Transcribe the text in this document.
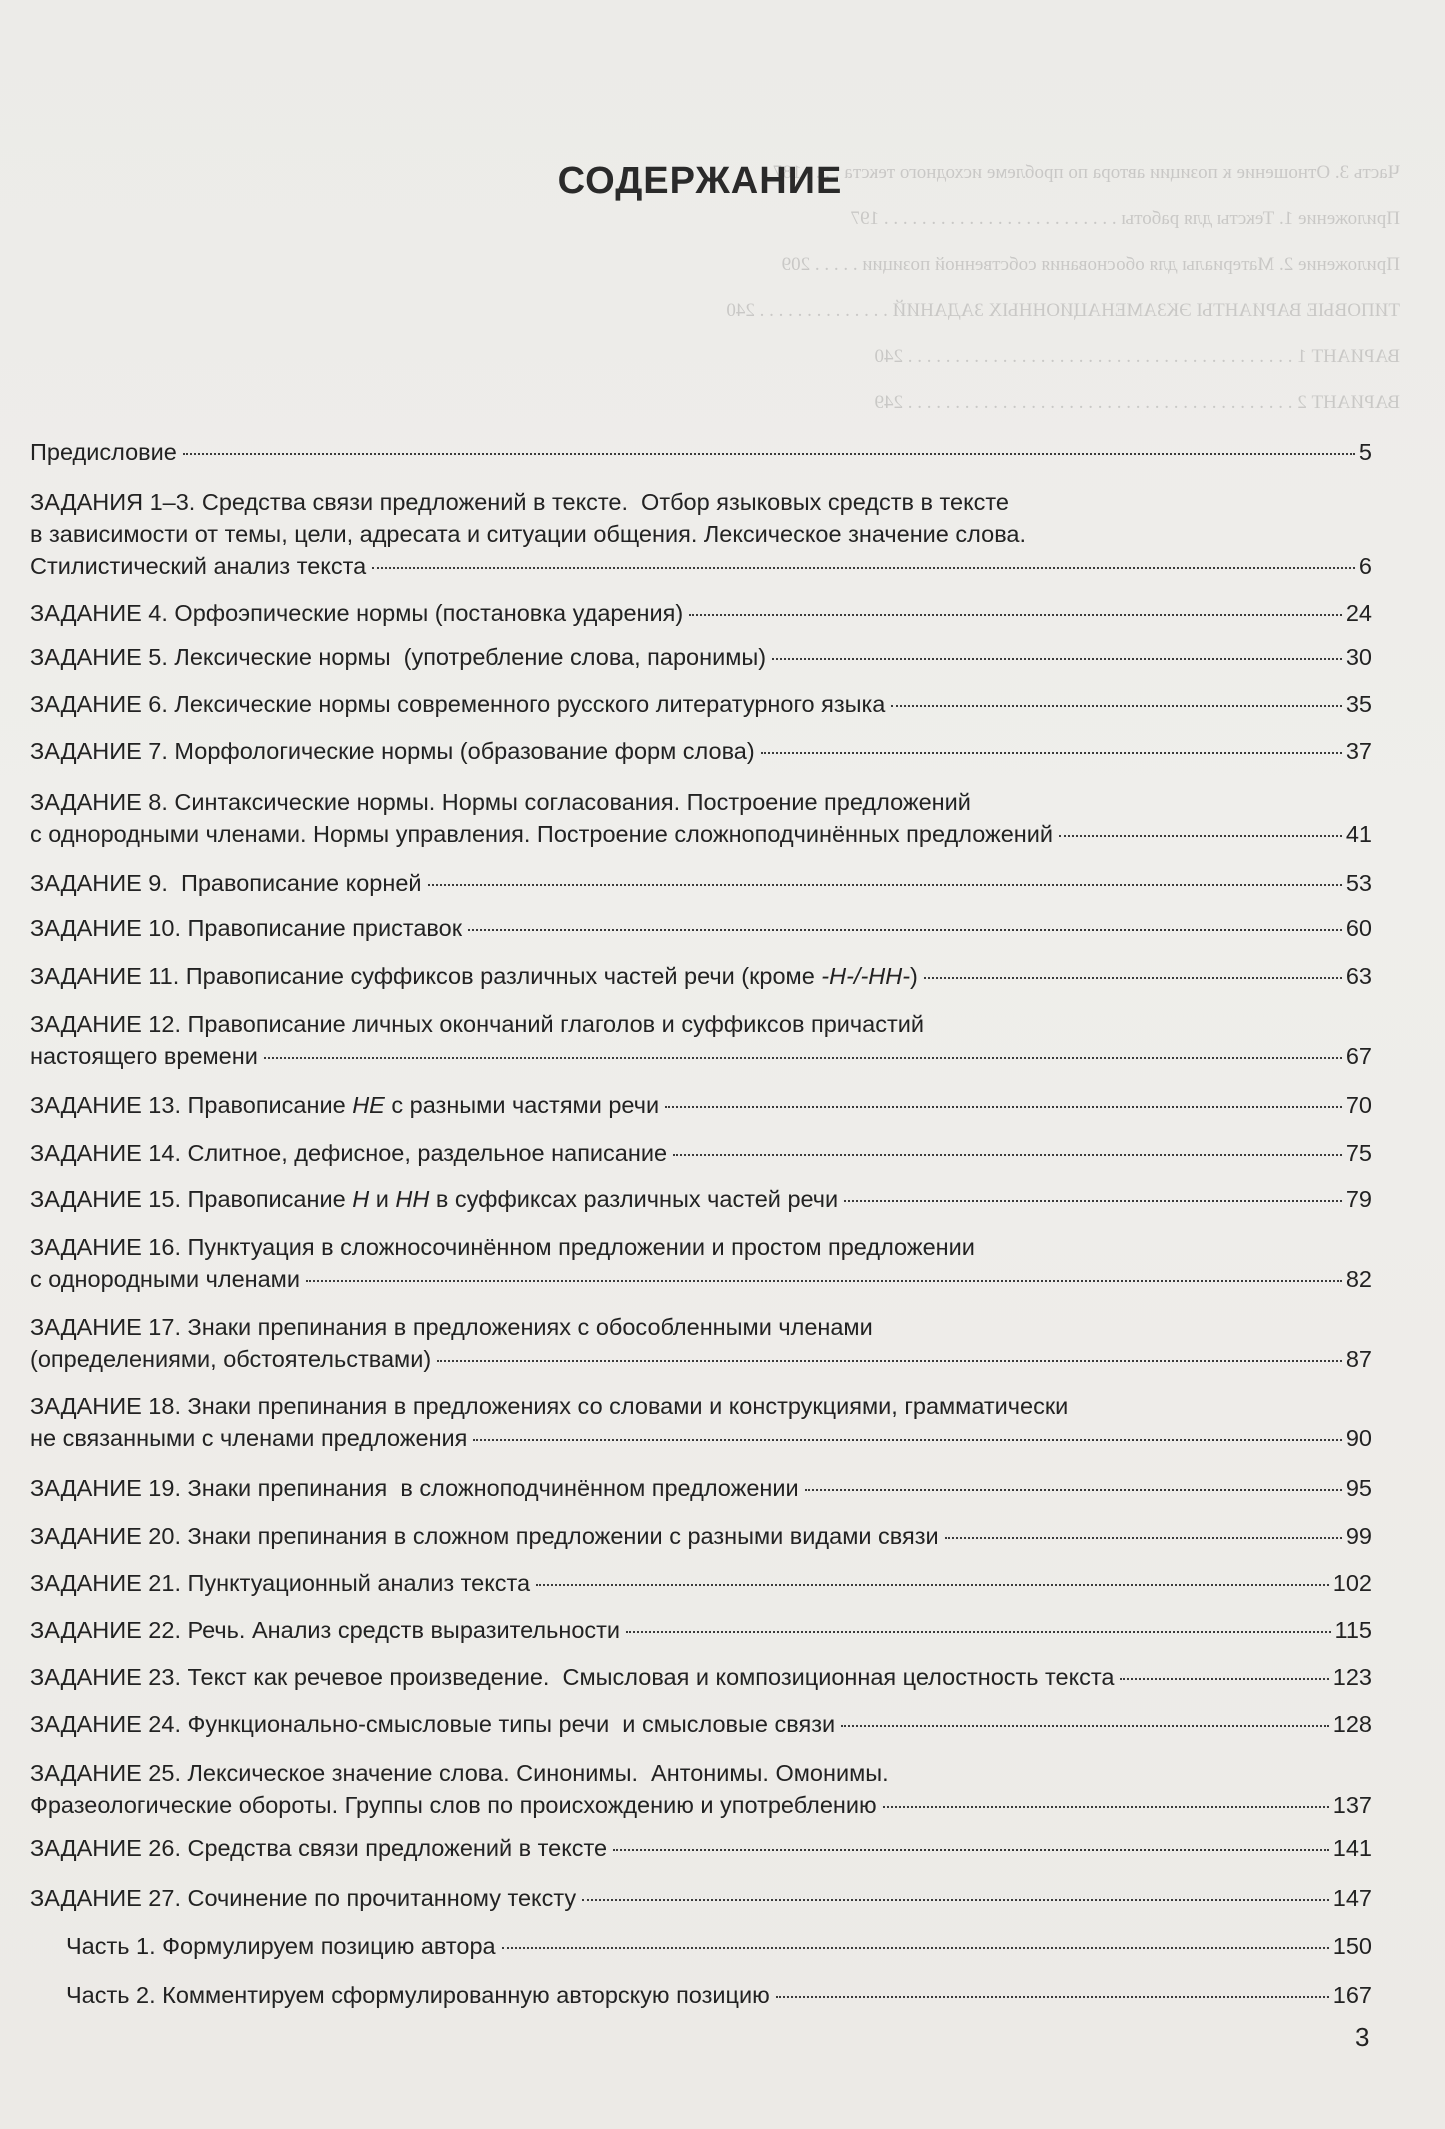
Часть 3. Отношение к позиции автора по проблеме исходного текста . . . . 187
Приложение 1. Тексты для работы . . . . . . . . . . . . . . . . . . . . . . . . . 197
Приложение 2. Материалы для обоснования собственной позиции . . . . . 209
ТИПОВЫЕ ВАРИАНТЫ ЭКЗАМЕНАЦИОННЫХ ЗАДАНИЙ . . . . . . . . . . . . . . 240
ВАРИАНТ 1 . . . . . . . . . . . . . . . . . . . . . . . . . . . . . . . . . . . . . . . . . 240
ВАРИАНТ 2 . . . . . . . . . . . . . . . . . . . . . . . . . . . . . . . . . . . . . . . . . 249
СОДЕРЖАНИЕ
Предисловие	5
ЗАДАНИЯ 1–3. Средства связи предложений в тексте.  Отбор языковых средств в тексте
в зависимости от темы, цели, адресата и ситуации общения. Лексическое значение слова.
Стилистический анализ текста	6
ЗАДАНИЕ 4. Орфоэпические нормы (постановка ударения)	24
ЗАДАНИЕ 5. Лексические нормы  (употребление слова, паронимы)	30
ЗАДАНИЕ 6. Лексические нормы современного русского литературного языка	35
ЗАДАНИЕ 7. Морфологические нормы (образование форм слова)	37
ЗАДАНИЕ 8. Синтаксические нормы. Нормы согласования. Построение предложений
с однородными членами. Нормы управления. Построение сложноподчинённых предложений	41
ЗАДАНИЕ 9.  Правописание корней	53
ЗАДАНИЕ 10. Правописание приставок	60
ЗАДАНИЕ 11. Правописание суффиксов различных частей речи (кроме -Н-/-НН- )	63
ЗАДАНИЕ 12. Правописание личных окончаний глаголов и суффиксов причастий
настоящего времени	67
ЗАДАНИЕ 13. Правописание НЕ с разными частями речи	70
ЗАДАНИЕ 14. Слитное, дефисное, раздельное написание	75
ЗАДАНИЕ 15. Правописание Н и НН в суффиксах различных частей речи	79
ЗАДАНИЕ 16. Пунктуация в сложносочинённом предложении и простом предложении
с однородными членами	82
ЗАДАНИЕ 17. Знаки препинания в предложениях с обособленными членами
(определениями, обстоятельствами)	87
ЗАДАНИЕ 18. Знаки препинания в предложениях со словами и конструкциями, грамматически
не связанными с членами предложения	90
ЗАДАНИЕ 19. Знаки препинания  в сложноподчинённом предложении	95
ЗАДАНИЕ 20. Знаки препинания в сложном предложении с разными видами связи	99
ЗАДАНИЕ 21. Пунктуационный анализ текста	102
ЗАДАНИЕ 22. Речь. Анализ средств выразительности	115
ЗАДАНИЕ 23. Текст как речевое произведение.  Смысловая и композиционная целостность текста	123
ЗАДАНИЕ 24. Функционально-смысловые типы речи  и смысловые связи	128
ЗАДАНИЕ 25. Лексическое значение слова. Синонимы.  Антонимы. Омонимы.
Фразеологические обороты. Группы слов по происхождению и употреблению	137
ЗАДАНИЕ 26. Средства связи предложений в тексте	141
ЗАДАНИЕ 27. Сочинение по прочитанному тексту	147
Часть 1. Формулируем позицию автора	150
Часть 2. Комментируем сформулированную авторскую позицию	167
3
